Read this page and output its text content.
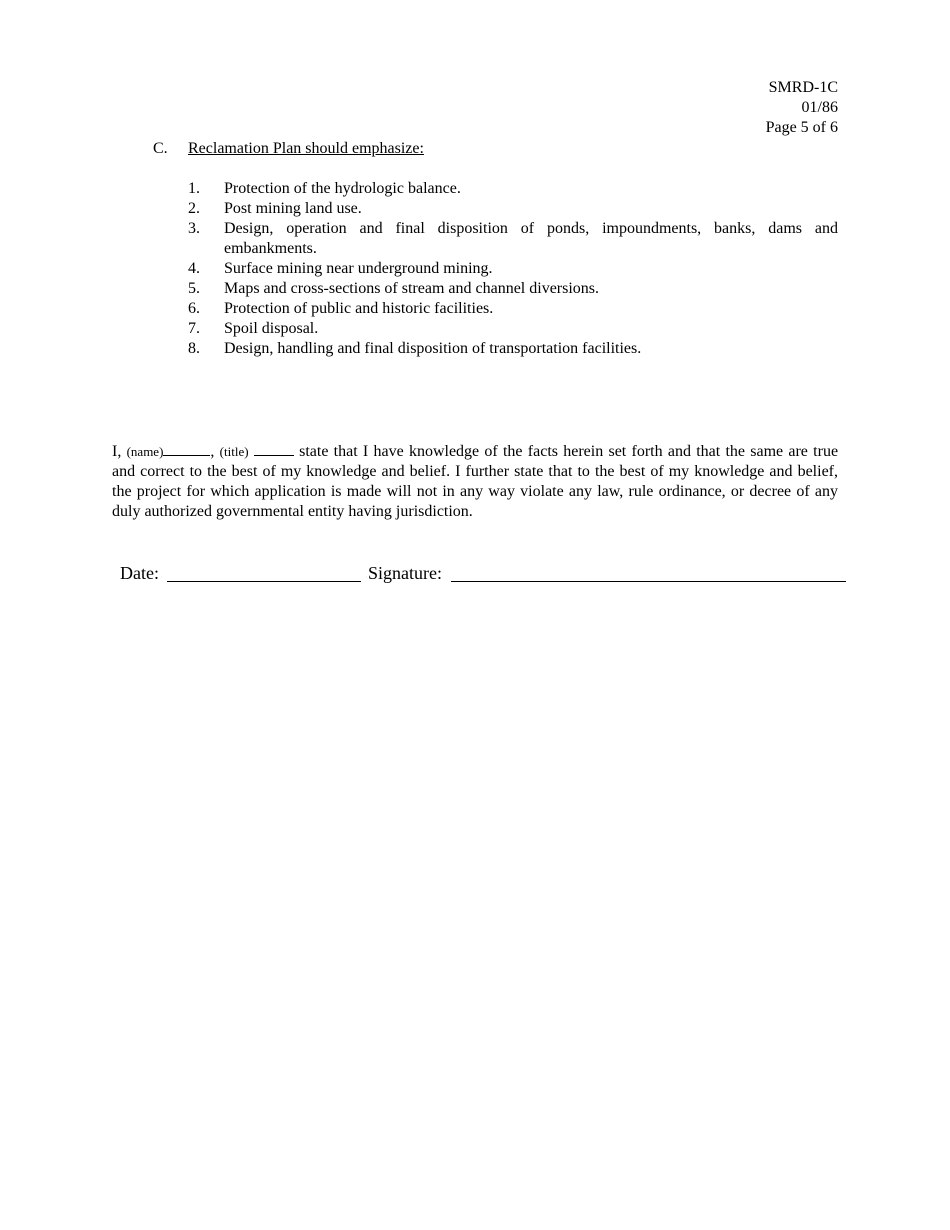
SMRD-1C
01/86
Page 5 of 6
C.	Reclamation Plan should emphasize:
1.	Protection of the hydrologic balance.
2.	Post mining land use.
3.	Design, operation and final disposition of ponds, impoundments, banks, dams and embankments.
4.	Surface mining near underground mining.
5.	Maps and cross-sections of stream and channel diversions.
6.	Protection of public and historic facilities.
7.	Spoil disposal.
8.	Design, handling and final disposition of transportation facilities.

I, (name)	, (title)	state that I have knowledge of the facts herein set forth and that the same are true and correct to the best of my knowledge and belief. I further state that to the best of my knowledge and belief, the project for which application is made will not in any way violate any law, rule ordinance, or decree of any duly authorized governmental entity having jurisdiction.

Date:	Signature:
